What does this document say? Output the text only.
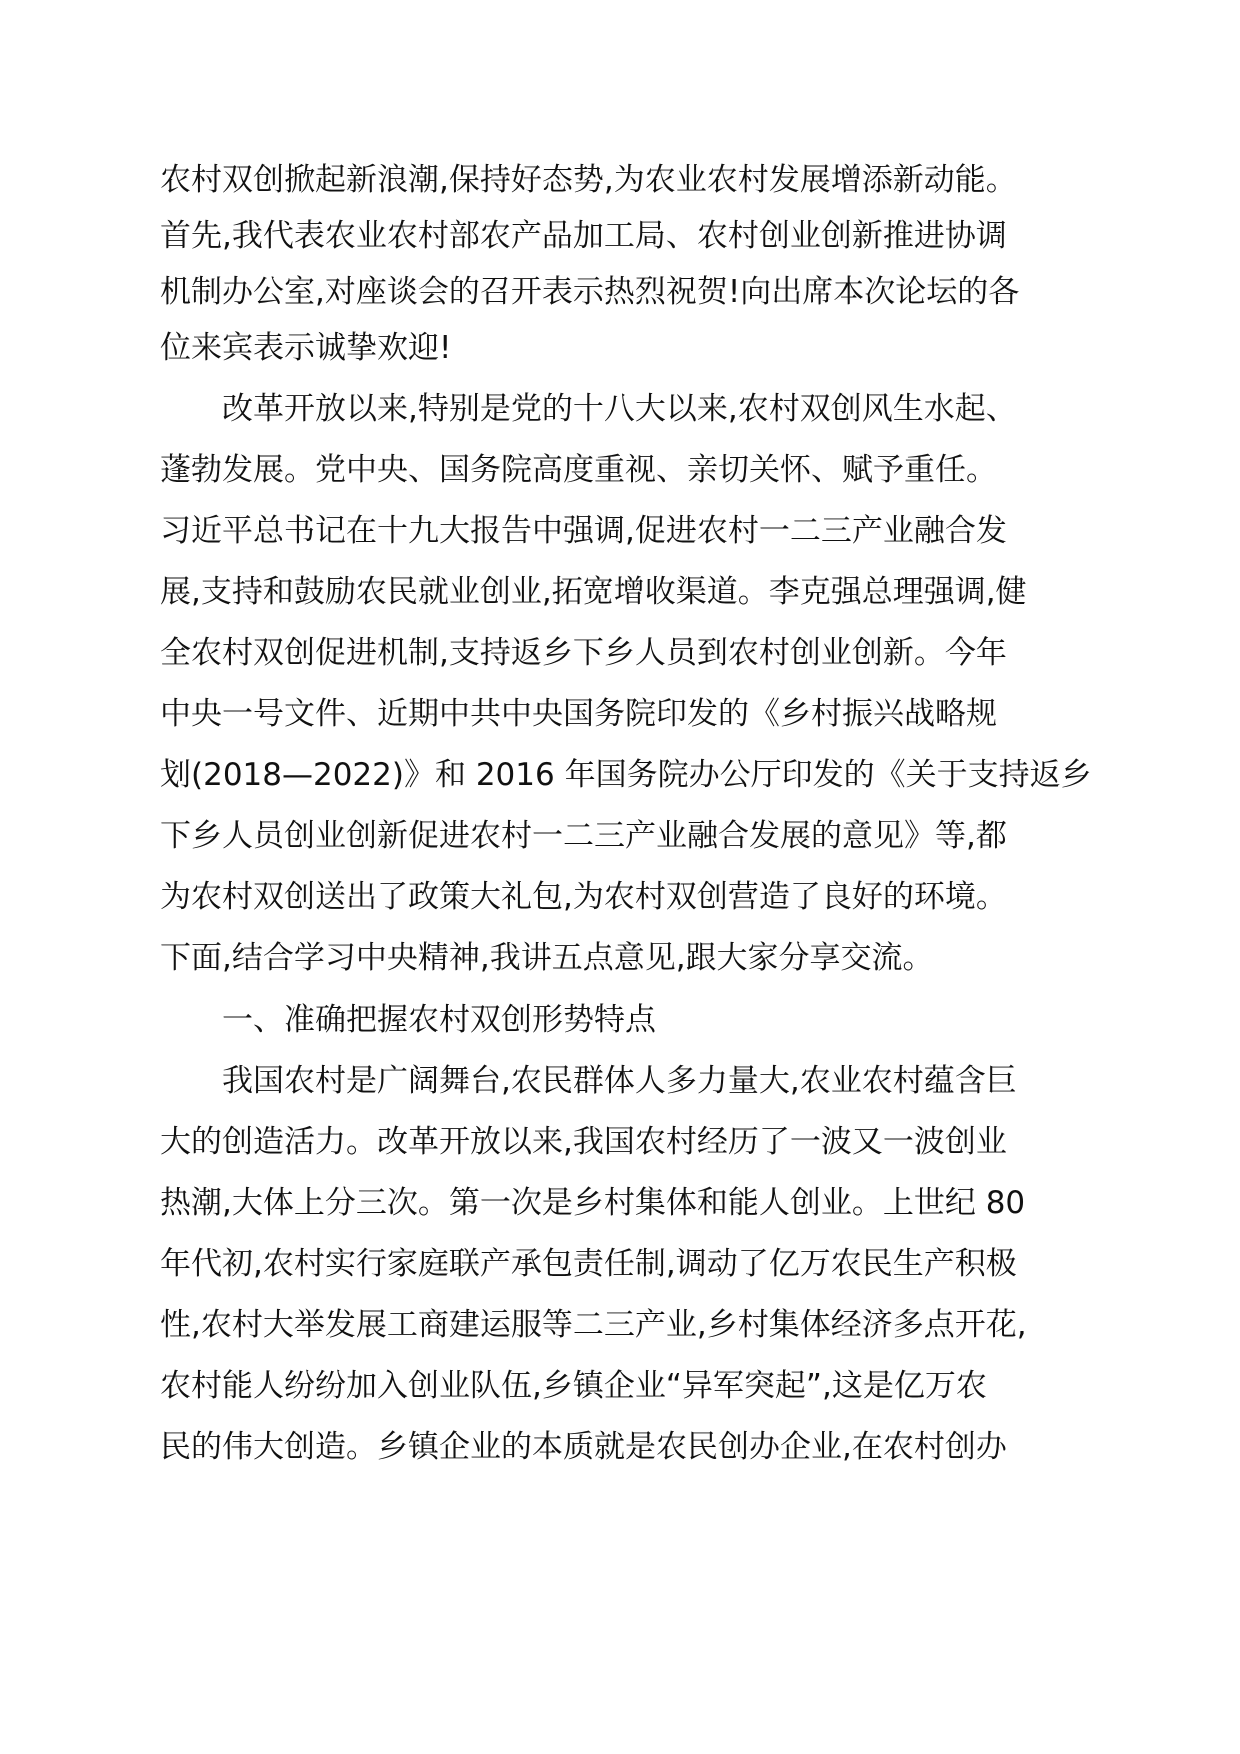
农村双创掀起新浪潮,保持好态势,为农业农村发展增添新动能。
首先,我代表农业农村部农产品加工局、农村创业创新推进协调
机制办公室,对座谈会的召开表示热烈祝贺!向出席本次论坛的各
位来宾表示诚挚欢迎!
改革开放以来,特别是党的十八大以来,农村双创风生水起、
蓬勃发展。党中央、国务院高度重视、亲切关怀、赋予重任。
习近平总书记在十九大报告中强调,促进农村一二三产业融合发
展,支持和鼓励农民就业创业,拓宽增收渠道。李克强总理强调,健
全农村双创促进机制,支持返乡下乡人员到农村创业创新。今年
中央一号文件、近期中共中央国务院印发的《乡村振兴战略规
划(2018—2022)》和 2016 年国务院办公厅印发的《关于支持返乡
下乡人员创业创新促进农村一二三产业融合发展的意见》等,都
为农村双创送出了政策大礼包,为农村双创营造了良好的环境。
下面,结合学习中央精神,我讲五点意见,跟大家分享交流。
一、准确把握农村双创形势特点
我国农村是广阔舞台,农民群体人多力量大,农业农村蕴含巨
大的创造活力。改革开放以来,我国农村经历了一波又一波创业
热潮,大体上分三次。第一次是乡村集体和能人创业。上世纪 80
年代初,农村实行家庭联产承包责任制,调动了亿万农民生产积极
性,农村大举发展工商建运服等二三产业,乡村集体经济多点开花,
农村能人纷纷加入创业队伍,乡镇企业“异军突起”,这是亿万农
民的伟大创造。乡镇企业的本质就是农民创办企业,在农村创办
